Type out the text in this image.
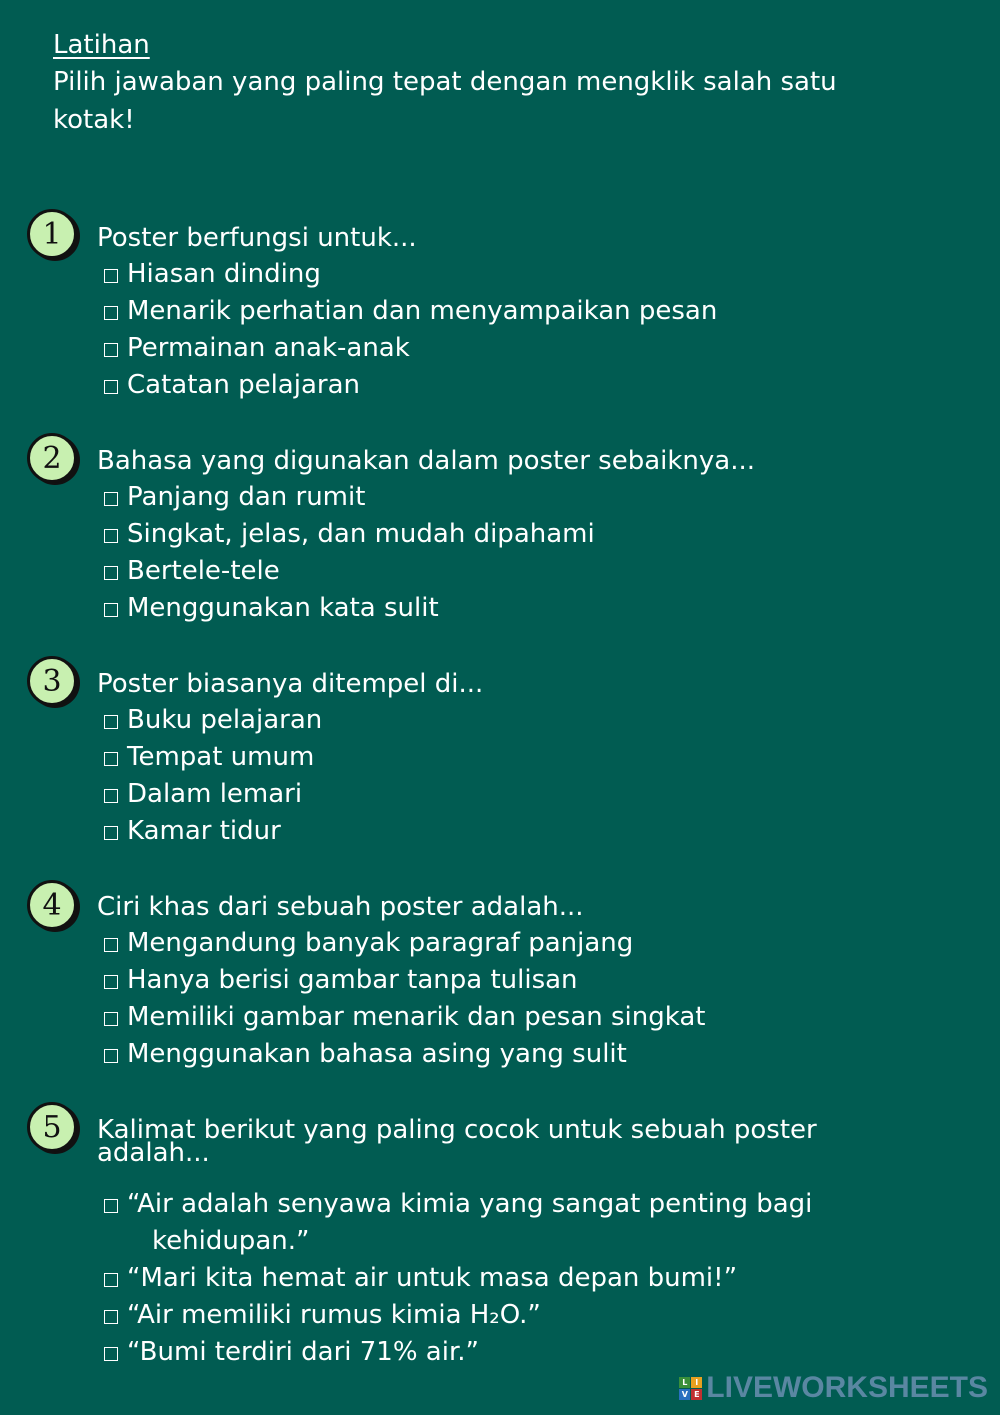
Latihan
Pilih jawaban yang paling tepat dengan mengklik salah satu
kotak!
1	Poster berfungsi untuk...
Hiasan dinding
Menarik perhatian dan menyampaikan pesan
Permainan anak-anak
Catatan pelajaran
2	Bahasa yang digunakan dalam poster sebaiknya...
Panjang dan rumit
Singkat, jelas, dan mudah dipahami
Bertele-tele
Menggunakan kata sulit
3	Poster biasanya ditempel di...
Buku pelajaran
Tempat umum
Dalam lemari
Kamar tidur
4	Ciri khas dari sebuah poster adalah...
Mengandung banyak paragraf panjang
Hanya berisi gambar tanpa tulisan
Memiliki gambar menarik dan pesan singkat
Menggunakan bahasa asing yang sulit
5	Kalimat berikut yang paling cocok untuk sebuah poster
adalah...
“Air adalah senyawa kimia yang sangat penting bagi
kehidupan.”
“Mari kita hemat air untuk masa depan bumi!”
“Air memiliki rumus kimia H₂O.”
“Bumi terdiri dari 71% air.”
L I
V E LIVEWORKSHEETS
